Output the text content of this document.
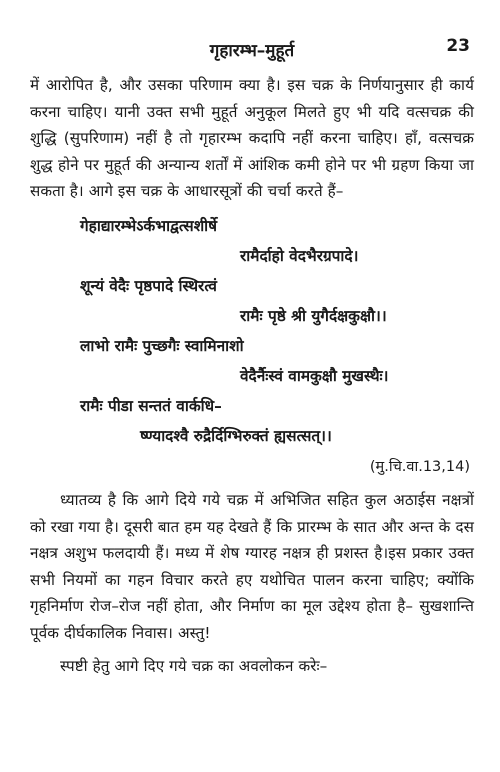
गृहारम्भ–मुहूर्त	23

में आरोपित है, और उसका परिणाम क्या है। इस चक्र के निर्णयानुसार ही कार्य करना चाहिए। यानी उक्त सभी मुहूर्त अनुकूल मिलते हुए भी यदि वत्सचक्र की शुद्धि (सुपरिणाम) नहीं है तो गृहारम्भ कदापि नहीं करना चाहिए। हाँ, वत्सचक्र शुद्ध होने पर मुहूर्त की अन्यान्य शर्तों में आंशिक कमी होने पर भी ग्रहण किया जा सकता है। आगे इस चक्र के आधारसूत्रों की चर्चा करते हैं–

गेहाद्यारम्भेऽर्कभाद्वत्सशीर्षे
रामैर्दाहो वेदभैरग्रपादे।
शून्यं वेदैः पृष्ठपादे स्थिरत्वं
रामैः पृष्ठे श्री युगैर्दक्षकुक्षौ।।
लाभो रामैः पुच्छगैः स्वामिनाशो
वेदैर्नैःस्वं वामकुक्षौ मुखस्थैः।
रामैः पीडा सन्ततं वार्कधि–
ष्ण्यादश्वै रुद्रैर्दिग्भिरुक्तं ह्यसत्सत्।।
(मु.चि.वा.13,14)

ध्यातव्य है कि आगे दिये गये चक्र में अभिजित सहित कुल अठाईस नक्षत्रों को रखा गया है। दूसरी बात हम यह देखते हैं कि प्रारम्भ के सात और अन्त के दस नक्षत्र अशुभ फलदायी हैं। मध्य में शेष ग्यारह नक्षत्र ही प्रशस्त है।इस प्रकार उक्त सभी नियमों का गहन विचार करते हए यथोचित पालन करना चाहिए; क्योंकि गृहनिर्माण रोज–रोज नहीं होता, और निर्माण का मूल उद्देश्य होता है– सुखशान्ति पूर्वक दीर्घकालिक निवास। अस्तु!

स्पष्टी हेतु आगे दिए गये चक्र का अवलोकन करेः–
